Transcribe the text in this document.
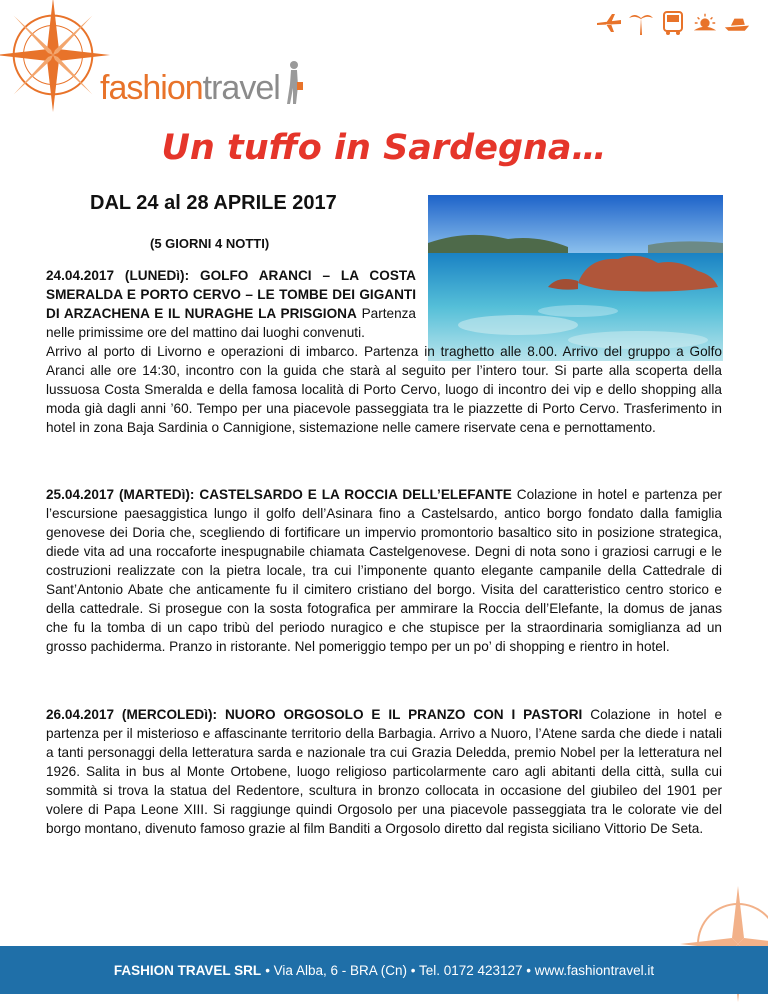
fashion travel
Un tuffo in Sardegna…
DAL 24 al 28 APRILE 2017
(5 GIORNI 4 NOTTI)
24.04.2017 (LUNEDì): GOLFO ARANCI – LA COSTA SMERALDA E PORTO CERVO – LE TOMBE DEI GIGANTI DI ARZACHENA E IL NURAGHE LA PRISGIONA Partenza nelle primissime ore del mattino dai luoghi convenuti.
Arrivo al porto di Livorno e operazioni di imbarco. Partenza in traghetto alle 8.00. Arrivo del gruppo a Golfo Aranci alle ore 14:30, incontro con la guida che starà al seguito per l’intero tour. Si parte alla scoperta della lussuosa Costa Smeralda e della famosa località di Porto Cervo, luogo di incontro dei vip e dello shopping alla moda già dagli anni ’60. Tempo per una piacevole passeggiata tra le piazzette di Porto Cervo. Trasferimento in hotel in zona Baja Sardinia o Cannigione, sistemazione nelle camere riservate cena e pernottamento.
25.04.2017 (MARTEDì): CASTELSARDO E LA ROCCIA DELL’ELEFANTE Colazione in hotel e partenza per l’escursione paesaggistica lungo il golfo dell’Asinara fino a Castelsardo, antico borgo fondato dalla famiglia genovese dei Doria che, scegliendo di fortificare un impervio promontorio basaltico sito in posizione strategica, diede vita ad una roccaforte inespugnabile chiamata Castelgenovese. Degni di nota sono i graziosi carrugi e le costruzioni realizzate con la pietra locale, tra cui l’imponente quanto elegante campanile della Cattedrale di Sant’Antonio Abate che anticamente fu il cimitero cristiano del borgo. Visita del caratteristico centro storico e della cattedrale. Si prosegue con la sosta fotografica per ammirare la Roccia dell’Elefante, la domus de janas che fu la tomba di un capo tribù del periodo nuragico e che stupisce per la straordinaria somiglianza ad un grosso pachiderma. Pranzo in ristorante. Nel pomeriggio tempo per un po’ di shopping e rientro in hotel.
26.04.2017 (MERCOLEDì): NUORO ORGOSOLO E IL PRANZO CON I PASTORI Colazione in hotel e partenza per il misterioso e affascinante territorio della Barbagia. Arrivo a Nuoro, l’Atene sarda che diede i natali a tanti personaggi della letteratura sarda e nazionale tra cui Grazia Deledda, premio Nobel per la letteratura nel 1926. Salita in bus al Monte Ortobene, luogo religioso particolarmente caro agli abitanti della città, sulla cui sommità si trova la statua del Redentore, scultura in bronzo collocata in occasione del giubileo del 1901 per volere di Papa Leone XIII. Si raggiunge quindi Orgosolo per una piacevole passeggiata tra le colorate vie del borgo montano, divenuto famoso grazie al film Banditi a Orgosolo diretto dal regista siciliano Vittorio De Seta.
FASHION TRAVEL SRL • Via Alba, 6 - BRA (Cn) • Tel. 0172 423127 • www.fashiontravel.it
